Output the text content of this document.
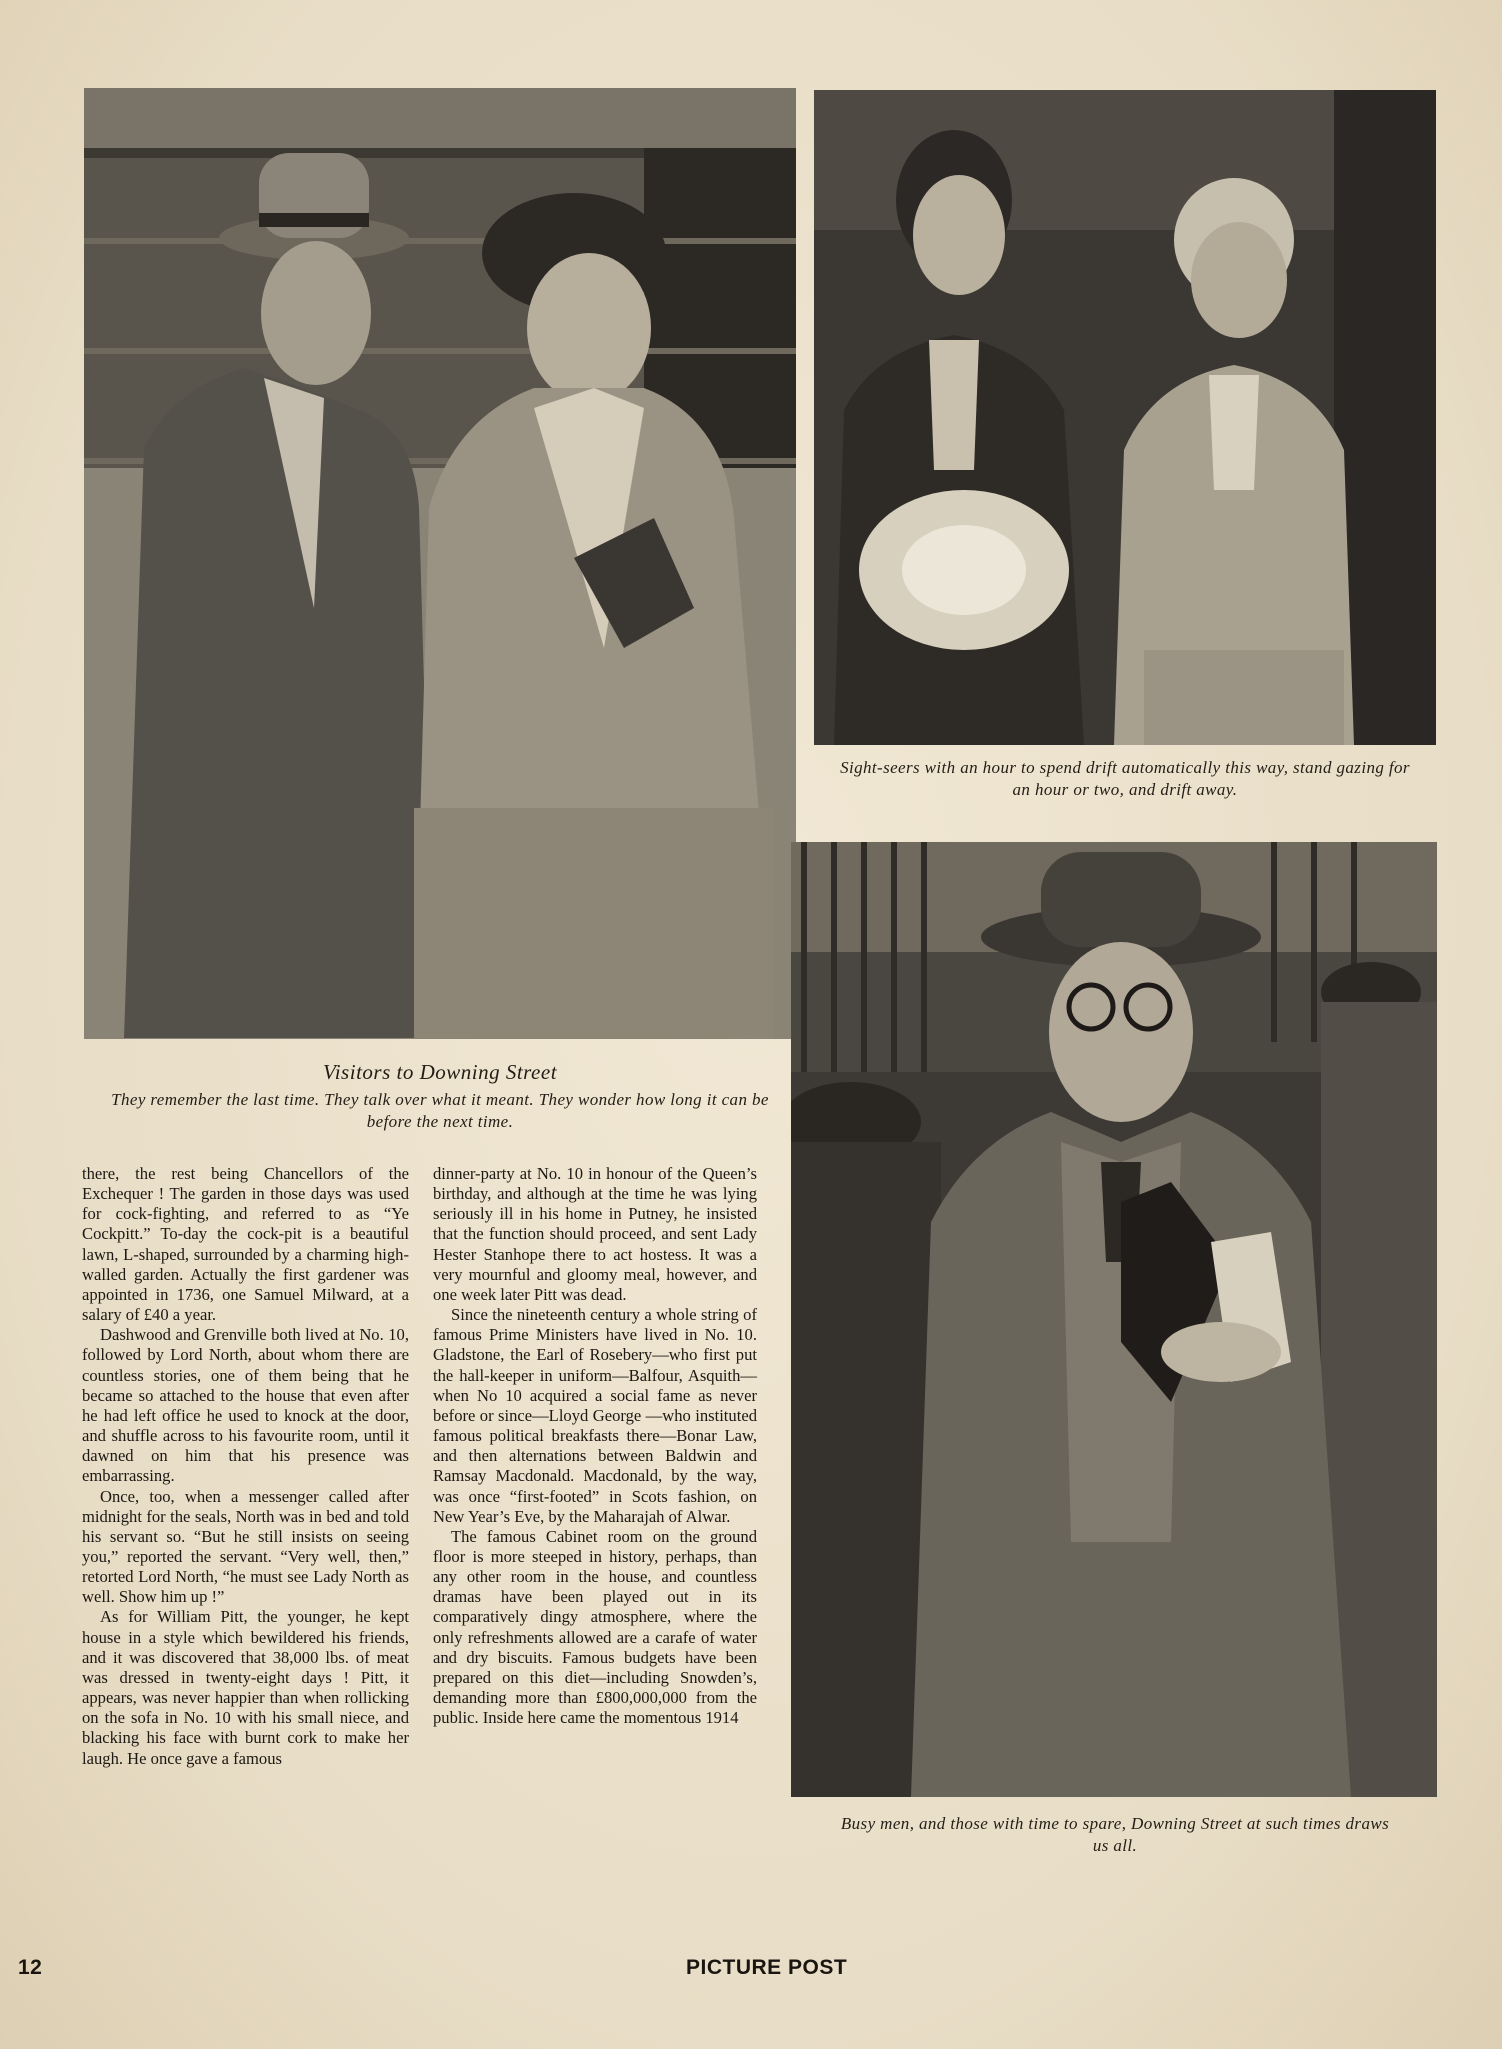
Visitors to Downing Street
They remember the last time. They talk over what it meant. They wonder how long it can be before the next time.
Sight-seers with an hour to spend drift automatically this way, stand gazing for an hour or two, and drift away.
Busy men, and those with time to spare, Downing Street at such times draws us all.

there, the rest being Chancellors of the Exchequer ! The garden in those days was used for cock-fighting, and referred to as “Ye Cockpitt.” To-day the cock-pit is a beautiful lawn, L-shaped, surrounded by a charming high-walled garden. Actually the first gardener was appointed in 1736, one Samuel Milward, at a salary of £40 a year.

Dashwood and Grenville both lived at No. 10, followed by Lord North, about whom there are countless stories, one of them being that he became so attached to the house that even after he had left office he used to knock at the door, and shuffle across to his favourite room, until it dawned on him that his presence was embarrassing.

Once, too, when a messenger called after midnight for the seals, North was in bed and told his servant so. “But he still insists on seeing you,” reported the servant. “Very well, then,” retorted Lord North, “he must see Lady North as well. Show him up !”

As for William Pitt, the younger, he kept house in a style which bewildered his friends, and it was discovered that 38,000 lbs. of meat was dressed in twenty-eight days ! Pitt, it appears, was never happier than when rollicking on the sofa in No. 10 with his small niece, and blacking his face with burnt cork to make her laugh. He once gave a famous

dinner-party at No. 10 in honour of the Queen’s birthday, and although at the time he was lying seriously ill in his home in Putney, he insisted that the function should proceed, and sent Lady Hester Stanhope there to act hostess. It was a very mournful and gloomy meal, however, and one week later Pitt was dead.

Since the nineteenth century a whole string of famous Prime Ministers have lived in No. 10. Gladstone, the Earl of Rosebery—who first put the hall-keeper in uniform—Balfour, Asquith—when No 10 acquired a social fame as never before or since—Lloyd George —who instituted famous political breakfasts there—Bonar Law, and then alternations between Baldwin and Ramsay Macdonald. Macdonald, by the way, was once “first-footed” in Scots fashion, on New Year’s Eve, by the Maharajah of Alwar.

The famous Cabinet room on the ground floor is more steeped in history, perhaps, than any other room in the house, and countless dramas have been played out in its comparatively dingy atmosphere, where the only refreshments allowed are a carafe of water and dry biscuits. Famous budgets have been prepared on this diet—including Snowden’s, demanding more than £800,000,000 from the public. Inside here came the momentous 1914

12	PICTURE POST
